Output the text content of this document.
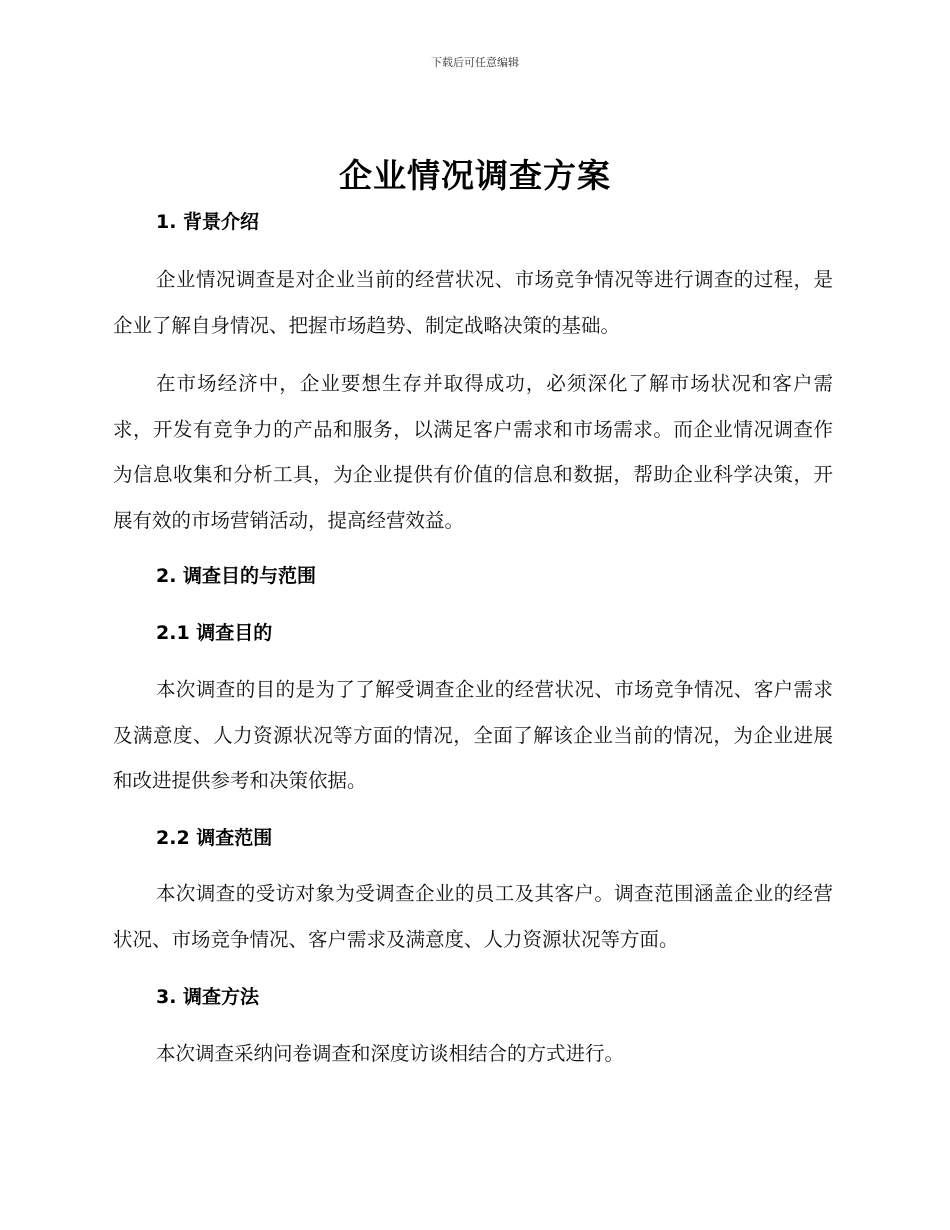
下载后可任意编辑
企业情况调查方案
1. 背景介绍
企业情况调查是对企业当前的经营状况、市场竞争情况等进行调查的过程，是企业了解自身情况、把握市场趋势、制定战略决策的基础。
在市场经济中，企业要想生存并取得成功，必须深化了解市场状况和客户需求，开发有竞争力的产品和服务，以满足客户需求和市场需求。而企业情况调查作为信息收集和分析工具，为企业提供有价值的信息和数据，帮助企业科学决策，开展有效的市场营销活动，提高经营效益。
2. 调查目的与范围
2.1 调查目的
本次调查的目的是为了了解受调查企业的经营状况、市场竞争情况、客户需求及满意度、人力资源状况等方面的情况，全面了解该企业当前的情况，为企业进展和改进提供参考和决策依据。
2.2 调查范围
本次调查的受访对象为受调查企业的员工及其客户。调查范围涵盖企业的经营状况、市场竞争情况、客户需求及满意度、人力资源状况等方面。
3. 调查方法
本次调查采纳问卷调查和深度访谈相结合的方式进行。
